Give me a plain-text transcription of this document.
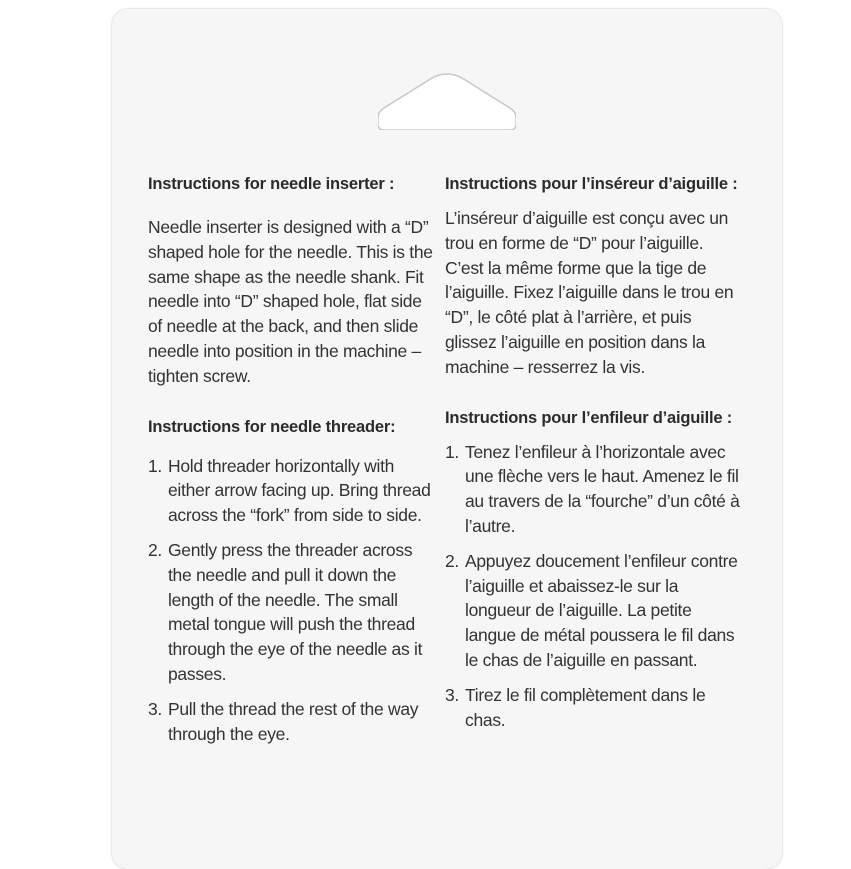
Instructions for needle inserter :

Needle inserter is designed with a “D” shaped hole for the needle. This is the same shape as the needle shank. Fit needle into “D” shaped hole, flat side of needle at the back, and then slide needle into position in the machine – tighten screw.

Instructions for needle threader:

1. Hold threader horizontally with either arrow facing up. Bring thread across the “fork” from side to side.
2. Gently press the threader across the needle and pull it down the length of the needle. The small metal tongue will push the thread through the eye of the needle as it passes.
3. Pull the thread the rest of the way through the eye.

Instructions pour l’inséreur d’aiguille :

L’inséreur d’aiguille est conçu avec un trou en forme de “D” pour l’aiguille. C’est la même forme que la tige de l’aiguille. Fixez l’aiguille dans le trou en “D”, le côté plat à l’arrière, et puis glissez l’aiguille en position dans la machine – resserrez la vis.

Instructions pour l’enfileur d’aiguille :

1. Tenez l’enfileur à l’horizontale avec une flèche vers le haut. Amenez le fil au travers de la “fourche” d’un côté à l’autre.
2. Appuyez doucement l’enfileur contre l’aiguille et abaissez-le sur la longueur de l’aiguille. La petite langue de métal poussera le fil dans le chas de l’aiguille en passant.
3. Tirez le fil complètement dans le chas.
